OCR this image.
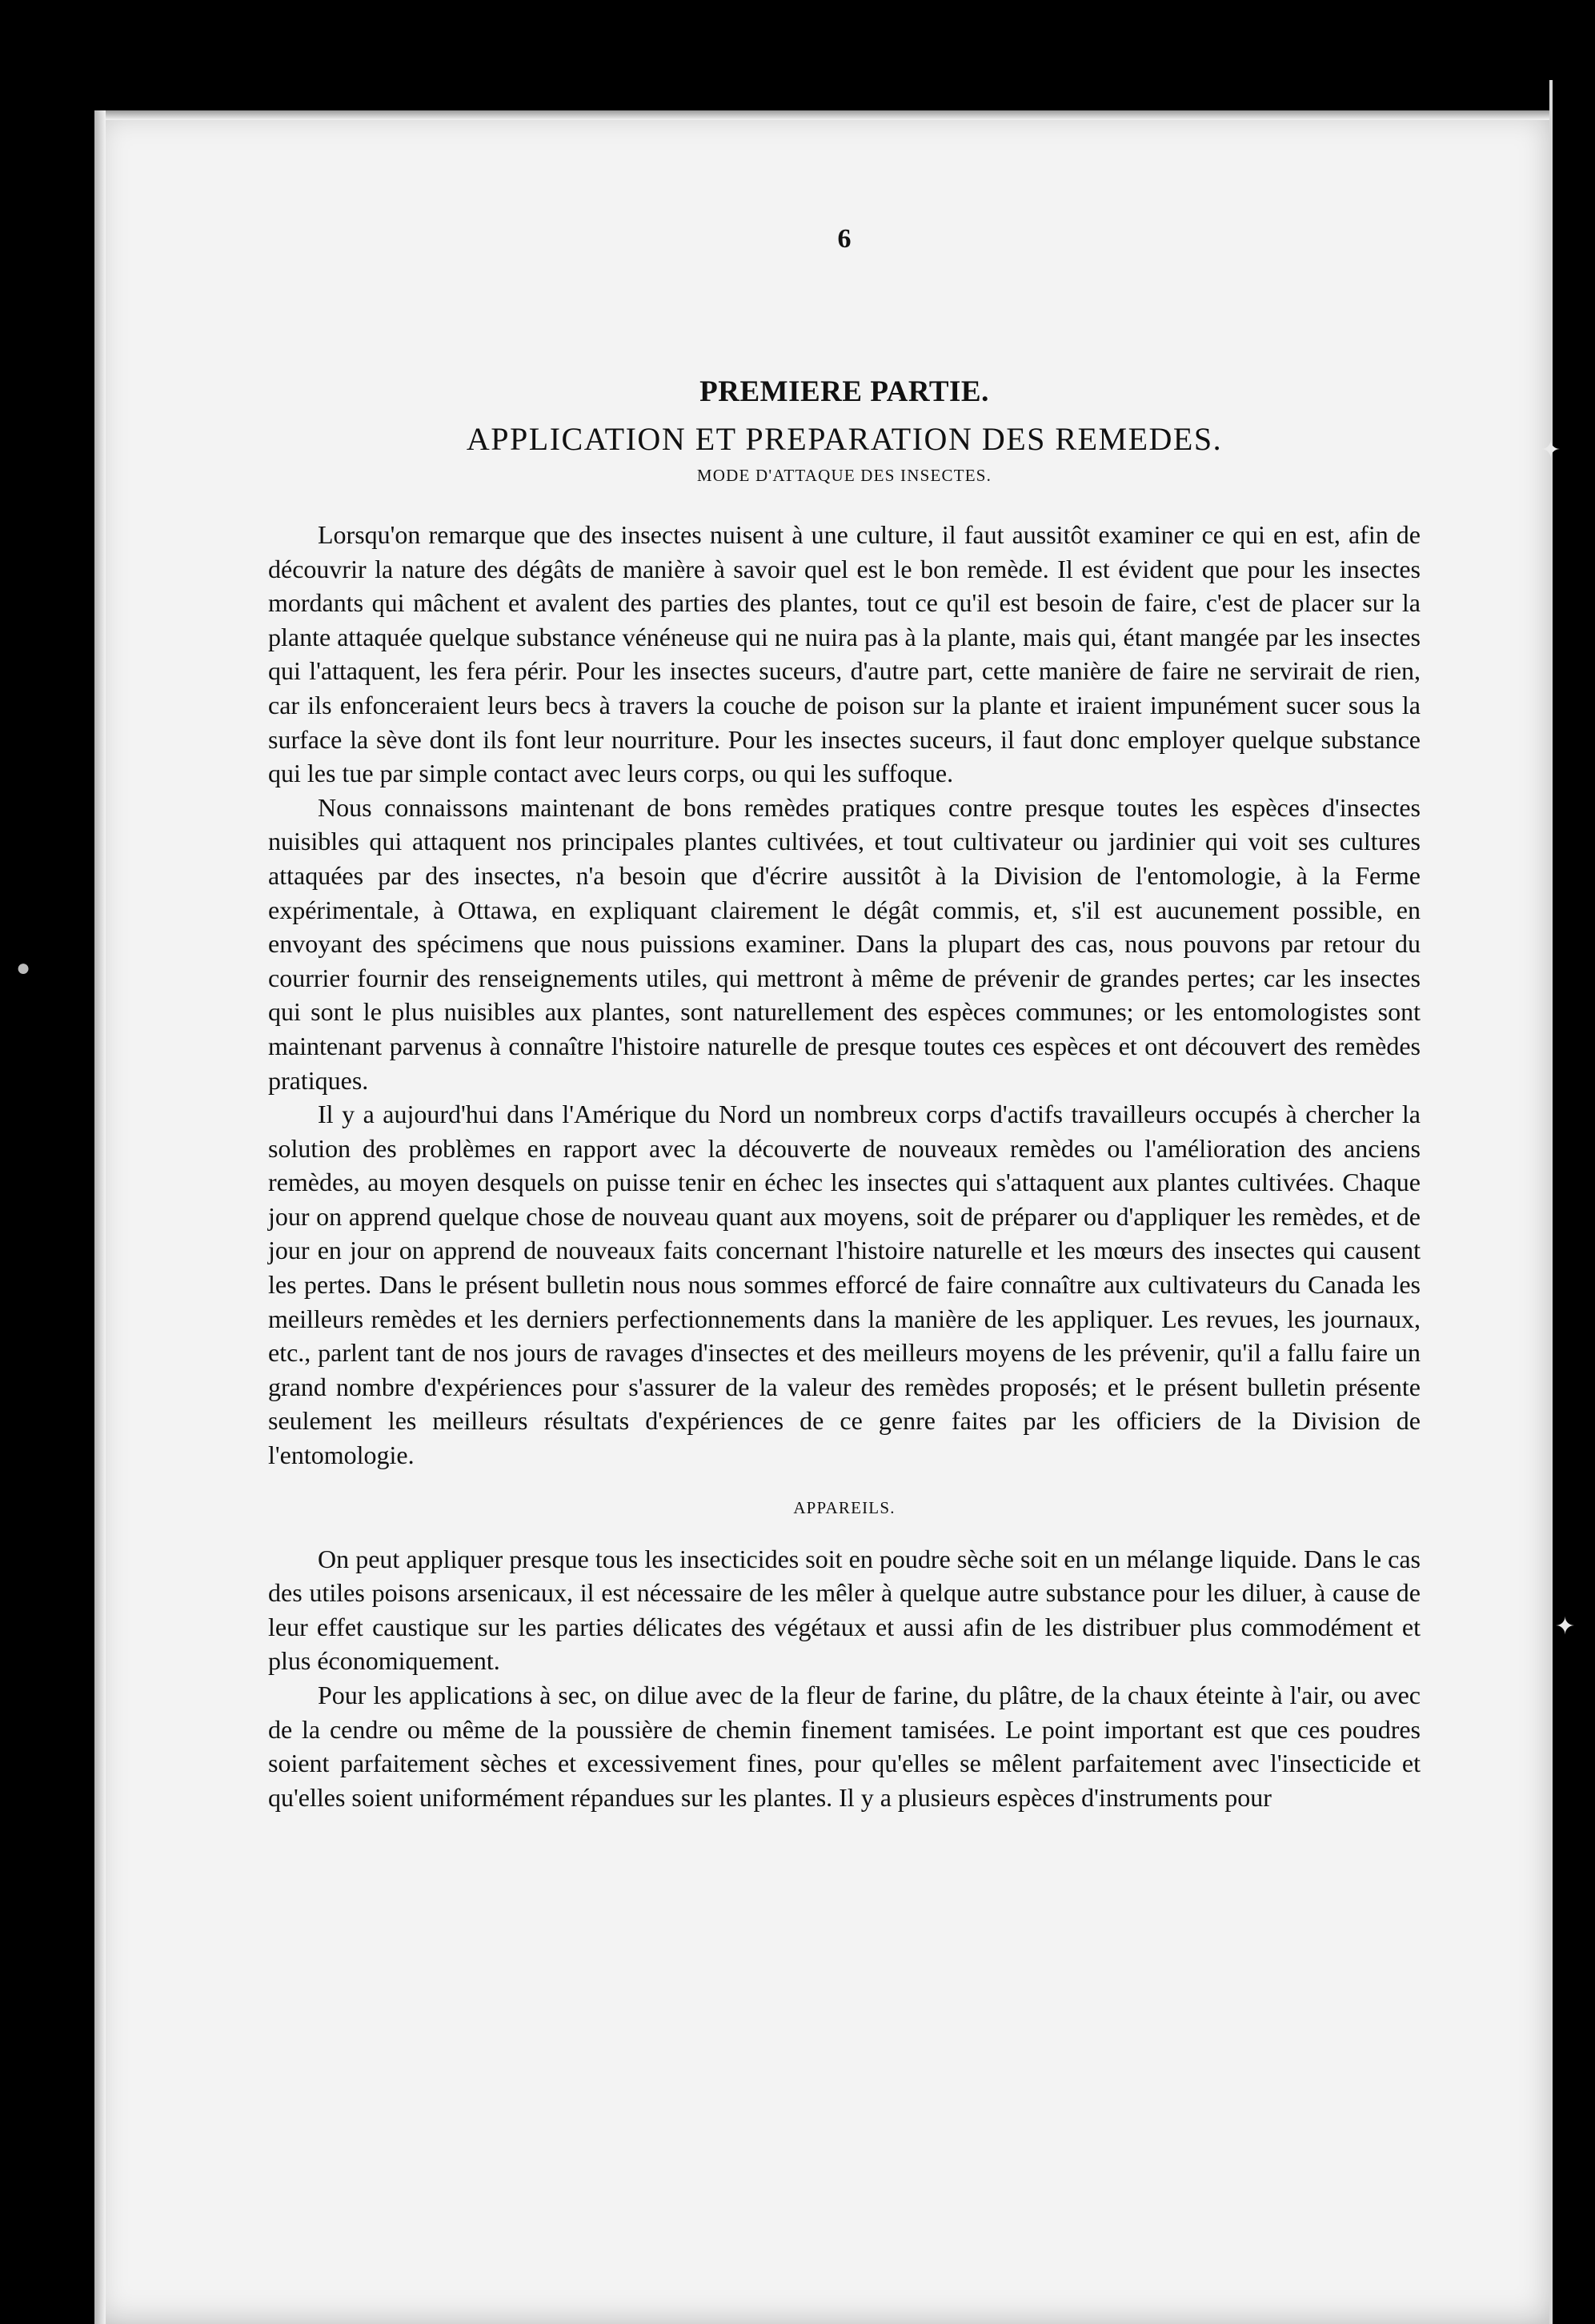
✦
✦
●
6
PREMIERE PARTIE.
APPLICATION ET PREPARATION DES REMEDES.
MODE D'ATTAQUE DES INSECTES.

Lorsqu'on remarque que des insectes nuisent à une culture, il faut aussitôt examiner ce qui en est, afin de découvrir la nature des dégâts de manière à savoir quel est le bon remède. Il est évident que pour les insectes mordants qui mâchent et avalent des parties des plantes, tout ce qu'il est besoin de faire, c'est de placer sur la plante attaquée quelque substance vénéneuse qui ne nuira pas à la plante, mais qui, étant mangée par les insectes qui l'attaquent, les fera périr. Pour les insectes suceurs, d'autre part, cette manière de faire ne servirait de rien, car ils enfonceraient leurs becs à travers la couche de poison sur la plante et iraient impunément sucer sous la surface la sève dont ils font leur nourriture. Pour les insectes suceurs, il faut donc employer quelque substance qui les tue par simple contact avec leurs corps, ou qui les suffoque.

Nous connaissons maintenant de bons remèdes pratiques contre presque toutes les espèces d'insectes nuisibles qui attaquent nos principales plantes cultivées, et tout cultivateur ou jardinier qui voit ses cultures attaquées par des insectes, n'a besoin que d'écrire aussitôt à la Division de l'entomologie, à la Ferme expérimentale, à Ottawa, en expliquant clairement le dégât commis, et, s'il est aucunement possible, en envoyant des spécimens que nous puissions examiner. Dans la plupart des cas, nous pouvons par retour du courrier fournir des renseignements utiles, qui mettront à même de prévenir de grandes pertes; car les insectes qui sont le plus nuisibles aux plantes, sont naturellement des espèces communes; or les entomologistes sont maintenant parvenus à connaître l'histoire naturelle de presque toutes ces espèces et ont découvert des remèdes pratiques.

Il y a aujourd'hui dans l'Amérique du Nord un nombreux corps d'actifs travailleurs occupés à chercher la solution des problèmes en rapport avec la découverte de nouveaux remèdes ou l'amélioration des anciens remèdes, au moyen desquels on puisse tenir en échec les insectes qui s'attaquent aux plantes cultivées. Chaque jour on apprend quelque chose de nouveau quant aux moyens, soit de préparer ou d'appliquer les remèdes, et de jour en jour on apprend de nouveaux faits concernant l'histoire naturelle et les mœurs des insectes qui causent les pertes. Dans le présent bulletin nous nous sommes efforcé de faire connaître aux cultivateurs du Canada les meilleurs remèdes et les derniers perfectionnements dans la manière de les appliquer. Les revues, les journaux, etc., parlent tant de nos jours de ravages d'insectes et des meilleurs moyens de les prévenir, qu'il a fallu faire un grand nombre d'expériences pour s'assurer de la valeur des remèdes proposés; et le présent bulletin présente seulement les meilleurs résultats d'expériences de ce genre faites par les officiers de la Division de l'entomologie.

APPAREILS.

On peut appliquer presque tous les insecticides soit en poudre sèche soit en un mélange liquide. Dans le cas des utiles poisons arsenicaux, il est nécessaire de les mêler à quelque autre substance pour les diluer, à cause de leur effet caustique sur les parties délicates des végétaux et aussi afin de les distribuer plus commodément et plus économiquement.

Pour les applications à sec, on dilue avec de la fleur de farine, du plâtre, de la chaux éteinte à l'air, ou avec de la cendre ou même de la poussière de chemin finement tamisées. Le point important est que ces poudres soient parfaitement sèches et excessivement fines, pour qu'elles se mêlent parfaitement avec l'insecticide et qu'elles soient uniformément répandues sur les plantes. Il y a plusieurs espèces d'instruments pour
